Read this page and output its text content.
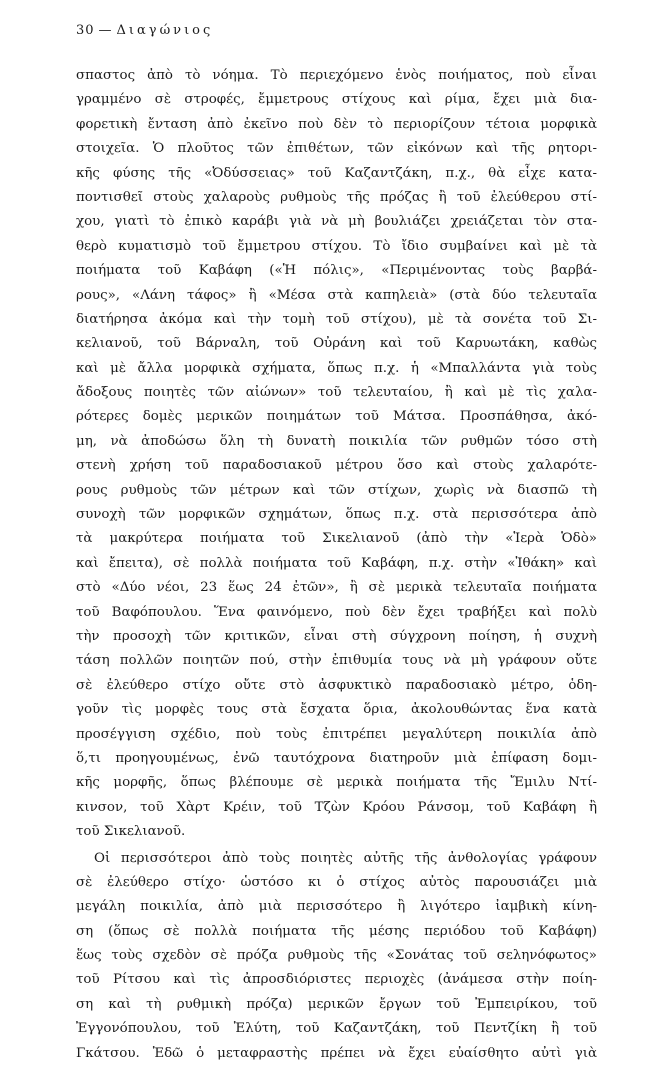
30 — Διαγώνιος
σπαστος ἀπὸ τὸ νόημα. Τὸ περιεχόμενο ἑνὸς ποιήματος, ποὺ εἶναι
γραμμένο σὲ στροφές, ἔμμετρους στίχους καὶ ρίμα, ἔχει μιὰ δια-
φορετικὴ ἔνταση ἀπὸ ἐκεῖνο ποὺ δὲν τὸ περιορίζουν τέτοια μορφικὰ
στοιχεῖα. Ὁ πλοῦτος τῶν ἐπιθέτων, τῶν εἰκόνων καὶ τῆς ρητορι-
κῆς φύσης τῆς «Ὀδύσσειας» τοῦ Καζαντζάκη, π.χ., θὰ εἶχε κατα-
ποντισθεῖ στοὺς χαλαροὺς ρυθμοὺς τῆς πρόζας ἢ τοῦ ἐλεύθερου στί-
χου, γιατὶ τὸ ἐπικὸ καράβι γιὰ νὰ μὴ βουλιάζει χρειάζεται τὸν στα-
θερὸ κυματισμὸ τοῦ ἔμμετρου στίχου. Τὸ ἴδιο συμβαίνει καὶ μὲ τὰ
ποιήματα τοῦ Καβάφη («Ἡ πόλις», «Περιμένοντας τοὺς βαρβά-
ρους», «Λάνη τάφος» ἢ «Μέσα στὰ καπηλειὰ» (στὰ δύο τελευταῖα
διατήρησα ἀκόμα καὶ τὴν τομὴ τοῦ στίχου), μὲ τὰ σονέτα τοῦ Σι-
κελιανοῦ, τοῦ Βάρναλη, τοῦ Οὐράνη καὶ τοῦ Καρυωτάκη, καθὼς
καὶ μὲ ἄλλα μορφικὰ σχήματα, ὅπως π.χ. ἡ «Μπαλλάντα γιὰ τοὺς
ἄδοξους ποιητὲς τῶν αἰώνων» τοῦ τελευταίου, ἢ καὶ μὲ τὶς χαλα-
ρότερες δομὲς μερικῶν ποιημάτων τοῦ Μάτσα. Προσπάθησα, ἀκό-
μη, νὰ ἀποδώσω ὅλη τὴ δυνατὴ ποικιλία τῶν ρυθμῶν τόσο στὴ
στενὴ χρήση τοῦ παραδοσιακοῦ μέτρου ὅσο καὶ στοὺς χαλαρότε-
ρους ρυθμοὺς τῶν μέτρων καὶ τῶν στίχων, χωρὶς νὰ διασπῶ τὴ
συνοχὴ τῶν μορφικῶν σχημάτων, ὅπως π.χ. στὰ περισσότερα ἀπὸ
τὰ μακρύτερα ποιήματα τοῦ Σικελιανοῦ (ἀπὸ τὴν «Ἱερὰ Ὁδὸ»
καὶ ἔπειτα), σὲ πολλὰ ποιήματα τοῦ Καβάφη, π.χ. στὴν «Ἰθάκη» καὶ
στὸ «Δύο νέοι, 23 ἕως 24 ἐτῶν», ἢ σὲ μερικὰ τελευταῖα ποιήματα
τοῦ Βαφόπουλου. Ἕνα φαινόμενο, ποὺ δὲν ἔχει τραβήξει καὶ πολὺ
τὴν προσοχὴ τῶν κριτικῶν, εἶναι στὴ σύγχρονη ποίηση, ἡ συχνὴ
τάση πολλῶν ποιητῶν πού, στὴν ἐπιθυμία τους νὰ μὴ γράφουν οὔτε
σὲ ἐλεύθερο στίχο οὔτε στὸ ἀσφυκτικὸ παραδοσιακὸ μέτρο, ὁδη-
γοῦν τὶς μορφὲς τους στὰ ἔσχατα ὅρια, ἀκολουθώντας ἕνα κατὰ
προσέγγιση σχέδιο, ποὺ τοὺς ἐπιτρέπει μεγαλύτερη ποικιλία ἀπὸ
ὅ,τι προηγουμένως, ἐνῶ ταυτόχρονα διατηροῦν μιὰ ἐπίφαση δομι-
κῆς μορφῆς, ὅπως βλέπουμε σὲ μερικὰ ποιήματα τῆς Ἔμιλυ Ντί-
κινσον, τοῦ Χὰρτ Κρέιν, τοῦ Τζὼν Κρόου Ράνσομ, τοῦ Καβάφη ἢ
τοῦ Σικελιανοῦ.
Οἱ περισσότεροι ἀπὸ τοὺς ποιητὲς αὐτῆς τῆς ἀνθολογίας γράφουν
σὲ ἐλεύθερο στίχο· ὡστόσο κι ὁ στίχος αὐτὸς παρουσιάζει μιὰ
μεγάλη ποικιλία, ἀπὸ μιὰ περισσότερο ἢ λιγότερο ἰαμβικὴ κίνη-
ση (ὅπως σὲ πολλὰ ποιήματα τῆς μέσης περιόδου τοῦ Καβάφη)
ἕως τοὺς σχεδὸν σὲ πρόζα ρυθμοὺς τῆς «Σονάτας τοῦ σεληνόφωτος»
τοῦ Ρίτσου καὶ τὶς ἀπροσδιόριστες περιοχὲς (ἀνάμεσα στὴν ποίη-
ση καὶ τὴ ρυθμικὴ πρόζα) μερικῶν ἔργων τοῦ Ἐμπειρίκου, τοῦ
Ἐγγονόπουλου, τοῦ Ἐλύτη, τοῦ Καζαντζάκη, τοῦ Πεντζίκη ἢ τοῦ
Γκάτσου. Ἐδῶ ὁ μεταφραστὴς πρέπει νὰ ἔχει εὐαίσθητο αὐτὶ γιὰ
